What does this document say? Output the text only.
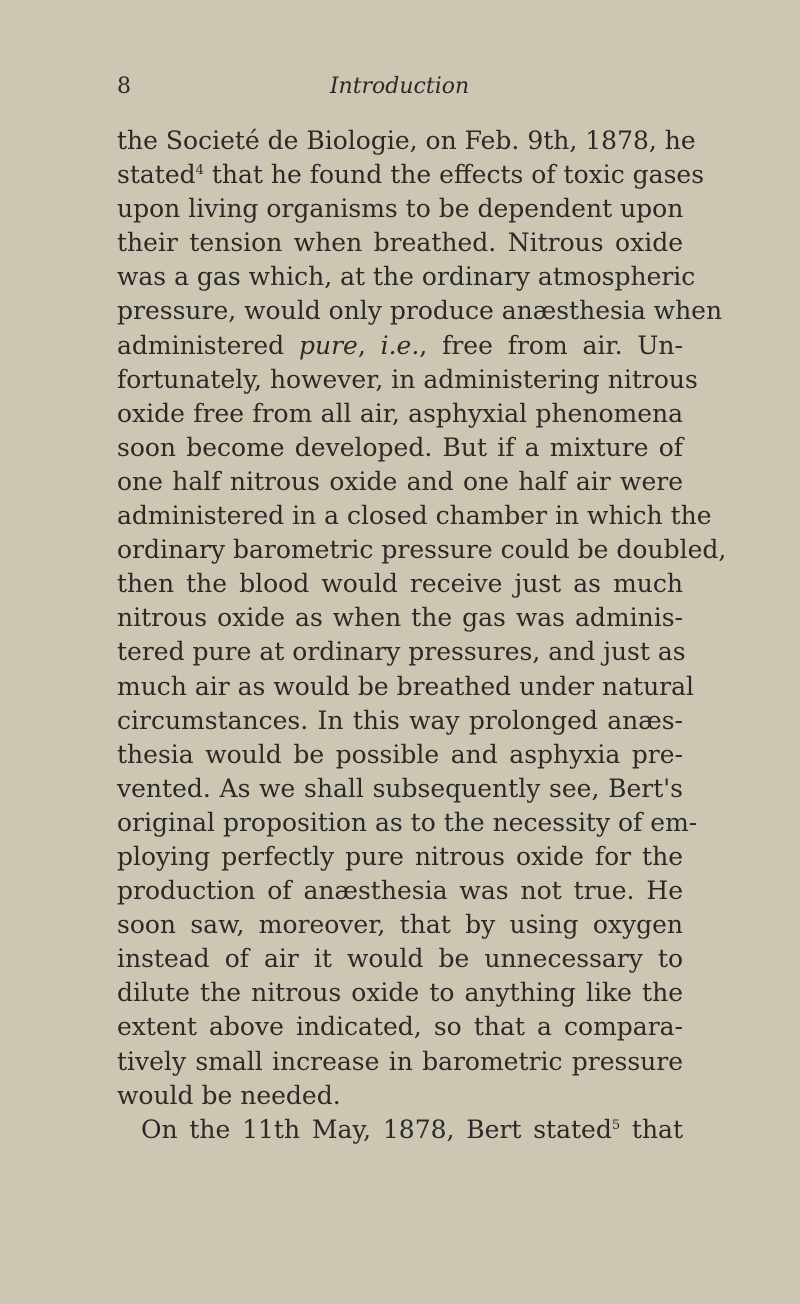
8	Introduction
the Societé de Biologie, on Feb. 9th, 1878, he
stated$^4$ that he found the effects of toxic gases
upon living organisms to be dependent upon
their tension when breathed. Nitrous oxide
was a gas which, at the ordinary atmospheric
pressure, would only produce anæsthesia when
administered pure, i.e., free from air. Un-
fortunately, however, in administering nitrous
oxide free from all air, asphyxial phenomena
soon become developed. But if a mixture of
one half nitrous oxide and one half air were
administered in a closed chamber in which the
ordinary barometric pressure could be doubled,
then the blood would receive just as much
nitrous oxide as when the gas was adminis-
tered pure at ordinary pressures, and just as
much air as would be breathed under natural
circumstances. In this way prolonged anæs-
thesia would be possible and asphyxia pre-
vented. As we shall subsequently see, Bert's
original proposition as to the necessity of em-
ploying perfectly pure nitrous oxide for the
production of anæsthesia was not true. He
soon saw, moreover, that by using oxygen
instead of air it would be unnecessary to
dilute the nitrous oxide to anything like the
extent above indicated, so that a compara-
tively small increase in barometric pressure
would be needed.
On the 11th May, 1878, Bert stated$^5$ that
